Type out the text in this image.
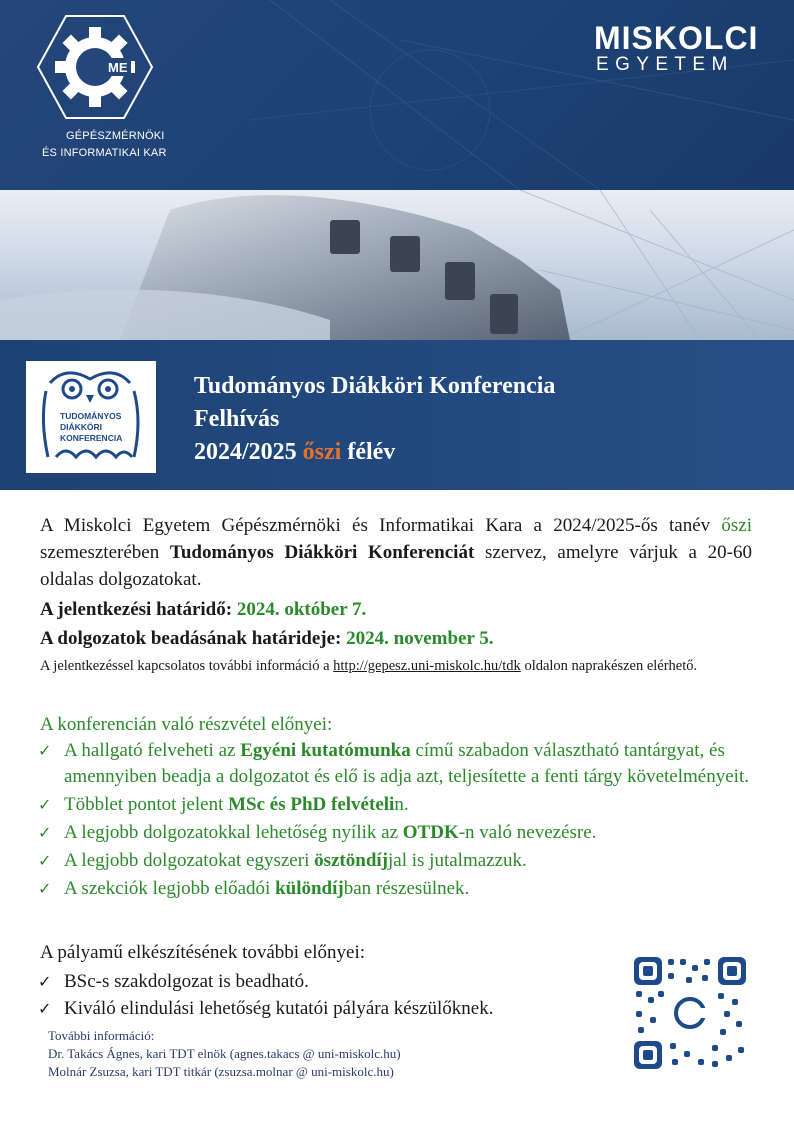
ME
GÉPÉSZMÉRNÖKI
ÉS INFORMATIKAI KAR
MISKOLCI
EGYETEM
TUDOMÁNYOS
DIÁKKÖRI
KONFERENCIA
Tudományos Diákköri Konferencia
Felhívás
2024/2025 őszi félév
A Miskolci Egyetem Gépészmérnöki és Informatikai Kara a 2024/2025-ős tanév őszi szemeszterében Tudományos Diákköri Konferenciát szervez, amelyre várjuk a 20-60 oldalas dolgozatokat.
A jelentkezési határidő: 2024. október 7.
A dolgozatok beadásának határideje: 2024. november 5.
A jelentkezéssel kapcsolatos további információ a http://gepesz.uni-miskolc.hu/tdk oldalon naprakészen elérhető.
A konferencián való részvétel előnyei:
✓ A hallgató felveheti az Egyéni kutatómunka című szabadon választható tantárgyat, és amennyiben beadja a dolgozatot és elő is adja azt, teljesítette a fenti tárgy követelményeit.
✓ Többlet pontot jelent MSc és PhD felvételin.
✓ A legjobb dolgozatokkal lehetőség nyílik az OTDK-n való nevezésre.
✓ A legjobb dolgozatokat egyszeri ösztöndíjjal is jutalmazzuk.
✓ A szekciók legjobb előadói különdíjban részesülnek.
A pályamű elkészítésének további előnyei:
✓ BSc-s szakdolgozat is beadható.
✓ Kiváló elindulási lehetőség kutatói pályára készülőknek.
További információ:
Dr. Takács Ágnes, kari TDT elnök (agnes.takacs @ uni-miskolc.hu)
Molnár Zsuzsa, kari TDT titkár (zsuzsa.molnar @ uni-miskolc.hu)
